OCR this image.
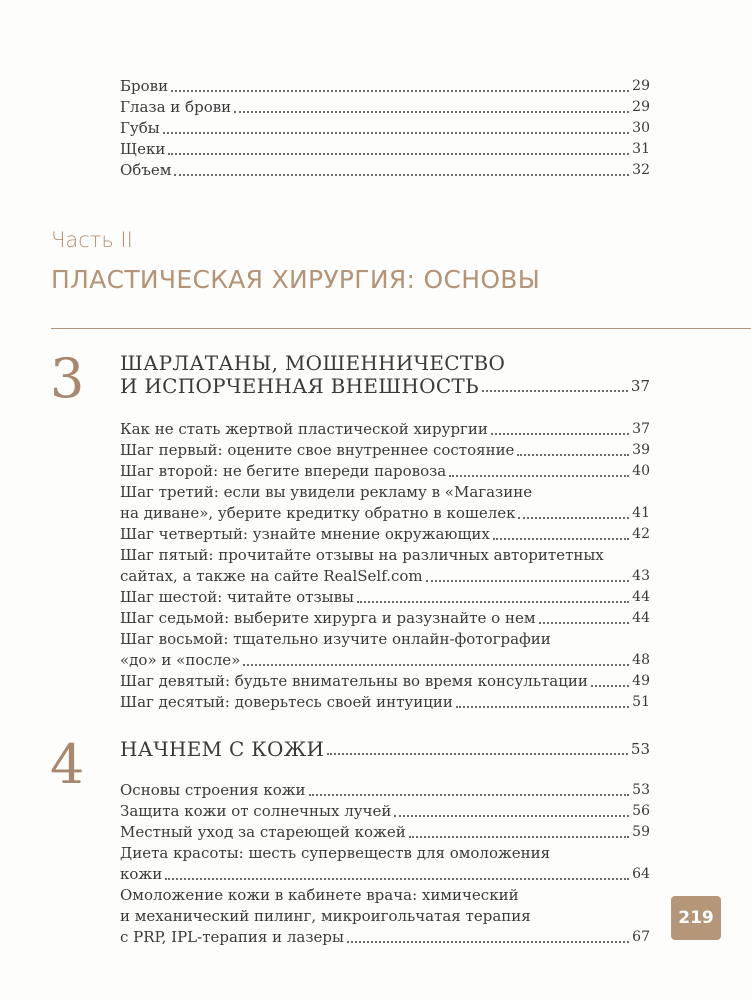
Брови	29
Глаза и брови	29
Губы	30
Щеки	31
Объем	32
Часть II
ПЛАСТИЧЕСКАЯ ХИРУРГИЯ: ОСНОВЫ
3 ШАРЛАТАНЫ, МОШЕННИЧЕСТВО
И ИСПОРЧЕННАЯ ВНЕШНОСТЬ	37
Как не стать жертвой пластической хирургии	37
Шаг первый: оцените свое внутреннее состояние	39
Шаг второй: не бегите впереди паровоза	40
Шаг третий: если вы увидели рекламу в «Магазине
на диване», уберите кредитку обратно в кошелек	41
Шаг четвертый: узнайте мнение окружающих	42
Шаг пятый: прочитайте отзывы на различных авторитетных
сайтах, а также на сайте RealSelf.com	43
Шаг шестой: читайте отзывы	44
Шаг седьмой: выберите хирурга и разузнайте о нем	44
Шаг восьмой: тщательно изучите онлайн-фотографии
«до» и «после»	48
Шаг девятый: будьте внимательны во время консультации	49
Шаг десятый: доверьтесь своей интуиции	51
4 НАЧНЕМ С КОЖИ	53
Основы строения кожи	53
Защита кожи от солнечных лучей	56
Местный уход за стареющей кожей	59
Диета красоты: шесть супервеществ для омоложения
кожи	64
Омоложение кожи в кабинете врача: химический
и механический пилинг, микроигольчатая терапия
с PRP, IPL-терапия и лазеры	67
219
